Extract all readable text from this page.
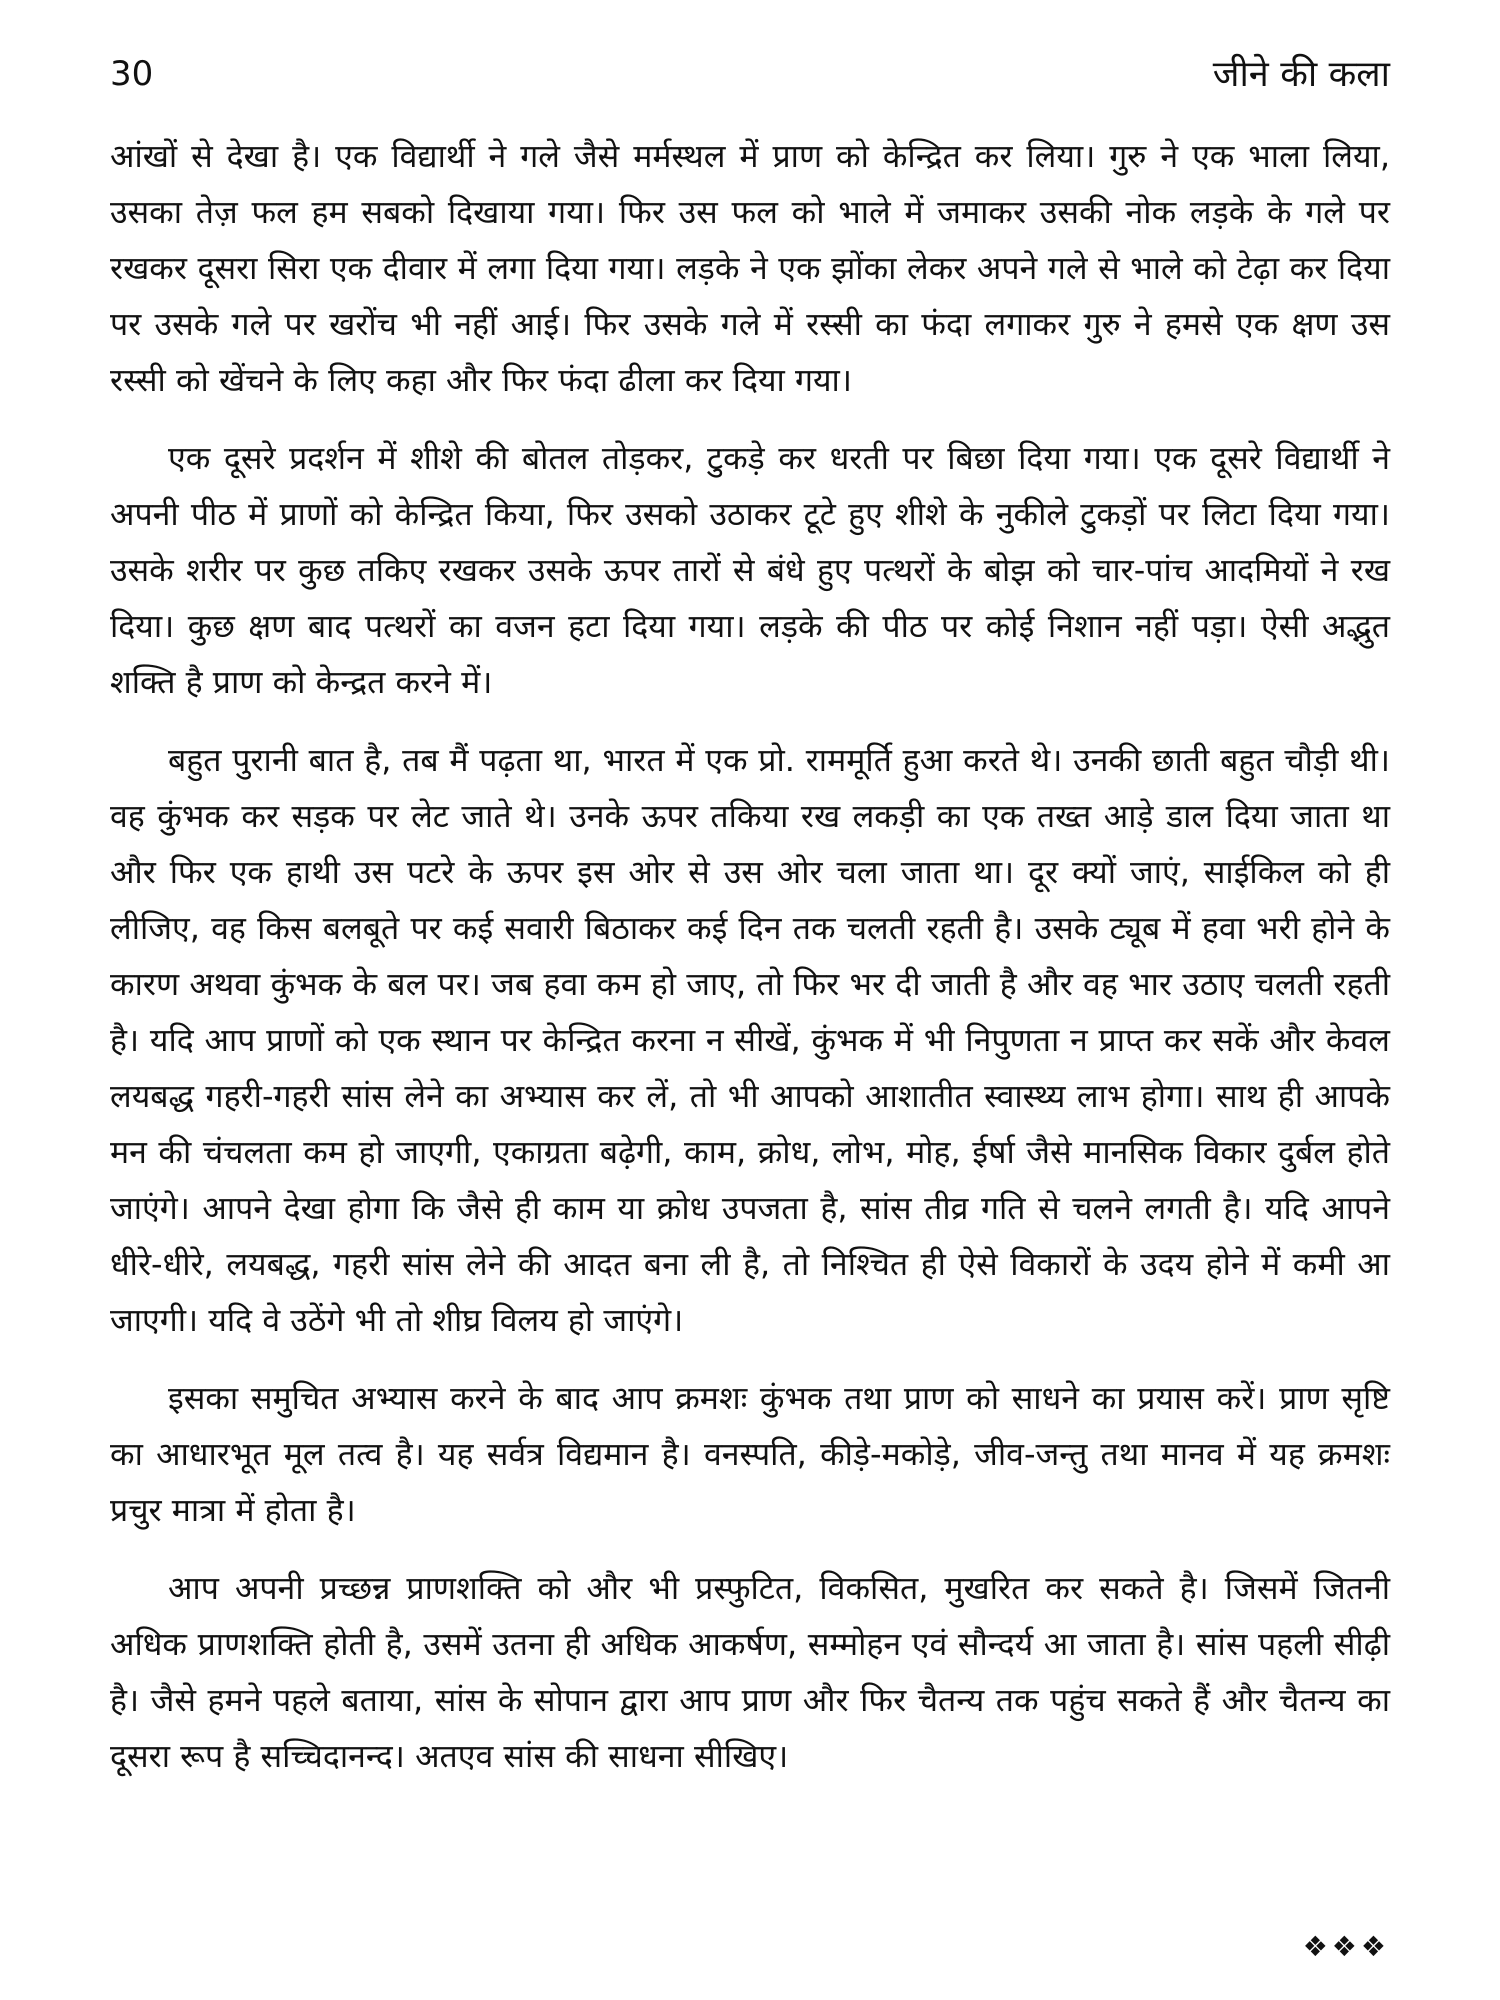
30	जीने की कला

आंखों से देखा है। एक विद्यार्थी ने गले जैसे मर्मस्थल में प्राण को केन्द्रित कर लिया। गुरु ने एक भाला लिया, उसका तेज़ फल हम सबको दिखाया गया। फिर उस फल को भाले में जमाकर उसकी नोक लड़के के गले पर रखकर दूसरा सिरा एक दीवार में लगा दिया गया। लड़के ने एक झोंका लेकर अपने गले से भाले को टेढ़ा कर दिया पर उसके गले पर खरोंच भी नहीं आई। फिर उसके गले में रस्सी का फंदा लगाकर गुरु ने हमसे एक क्षण उस रस्सी को खेंचने के लिए कहा और फिर फंदा ढीला कर दिया गया।

एक दूसरे प्रदर्शन में शीशे की बोतल तोड़कर, टुकड़े कर धरती पर बिछा दिया गया। एक दूसरे विद्यार्थी ने अपनी पीठ में प्राणों को केन्द्रित किया, फिर उसको उठाकर टूटे हुए शीशे के नुकीले टुकड़ों पर लिटा दिया गया। उसके शरीर पर कुछ तकिए रखकर उसके ऊपर तारों से बंधे हुए पत्थरों के बोझ को चार-पांच आदमियों ने रख दिया। कुछ क्षण बाद पत्थरों का वजन हटा दिया गया। लड़के की पीठ पर कोई निशान नहीं पड़ा। ऐसी अद्भुत शक्ति है प्राण को केन्द्रत करने में।

बहुत पुरानी बात है, तब मैं पढ़ता था, भारत में एक प्रो. राममूर्ति हुआ करते थे। उनकी छाती बहुत चौड़ी थी। वह कुंभक कर सड़क पर लेट जाते थे। उनके ऊपर तकिया रख लकड़ी का एक तख्त आड़े डाल दिया जाता था और फिर एक हाथी उस पटरे के ऊपर इस ओर से उस ओर चला जाता था। दूर क्यों जाएं, साईकिल को ही लीजिए, वह किस बलबूते पर कई सवारी बिठाकर कई दिन तक चलती रहती है। उसके ट्यूब में हवा भरी होने के कारण अथवा कुंभक के बल पर। जब हवा कम हो जाए, तो फिर भर दी जाती है और वह भार उठाए चलती रहती है। यदि आप प्राणों को एक स्थान पर केन्द्रित करना न सीखें, कुंभक में भी निपुणता न प्राप्त कर सकें और केवल लयबद्ध गहरी-गहरी सांस लेने का अभ्यास कर लें, तो भी आपको आशातीत स्वास्थ्य लाभ होगा। साथ ही आपके मन की चंचलता कम हो जाएगी, एकाग्रता बढ़ेगी, काम, क्रोध, लोभ, मोह, ईर्षा जैसे मानसिक विकार दुर्बल होते जाएंगे। आपने देखा होगा कि जैसे ही काम या क्रोध उपजता है, सांस तीव्र गति से चलने लगती है। यदि आपने धीरे-धीरे, लयबद्ध, गहरी सांस लेने की आदत बना ली है, तो निश्चित ही ऐसे विकारों के उदय होने में कमी आ जाएगी। यदि वे उठेंगे भी तो शीघ्र विलय हो जाएंगे।

इसका समुचित अभ्यास करने के बाद आप क्रमशः कुंभक तथा प्राण को साधने का प्रयास करें। प्राण सृष्टि का आधारभूत मूल तत्व है। यह सर्वत्र विद्यमान है। वनस्पति, कीड़े-मकोड़े, जीव-जन्तु तथा मानव में यह क्रमशः प्रचुर मात्रा में होता है।

आप अपनी प्रच्छन्न प्राणशक्ति को और भी प्रस्फुटित, विकसित, मुखरित कर सकते है। जिसमें जितनी अधिक प्राणशक्ति होती है, उसमें उतना ही अधिक आकर्षण, सम्मोहन एवं सौन्दर्य आ जाता है। सांस पहली सीढ़ी है। जैसे हमने पहले बताया, सांस के सोपान द्वारा आप प्राण और फिर चैतन्य तक पहुंच सकते हैं और चैतन्य का दूसरा रूप है सच्चिदानन्द। अतएव सांस की साधना सीखिए।

❖❖❖
